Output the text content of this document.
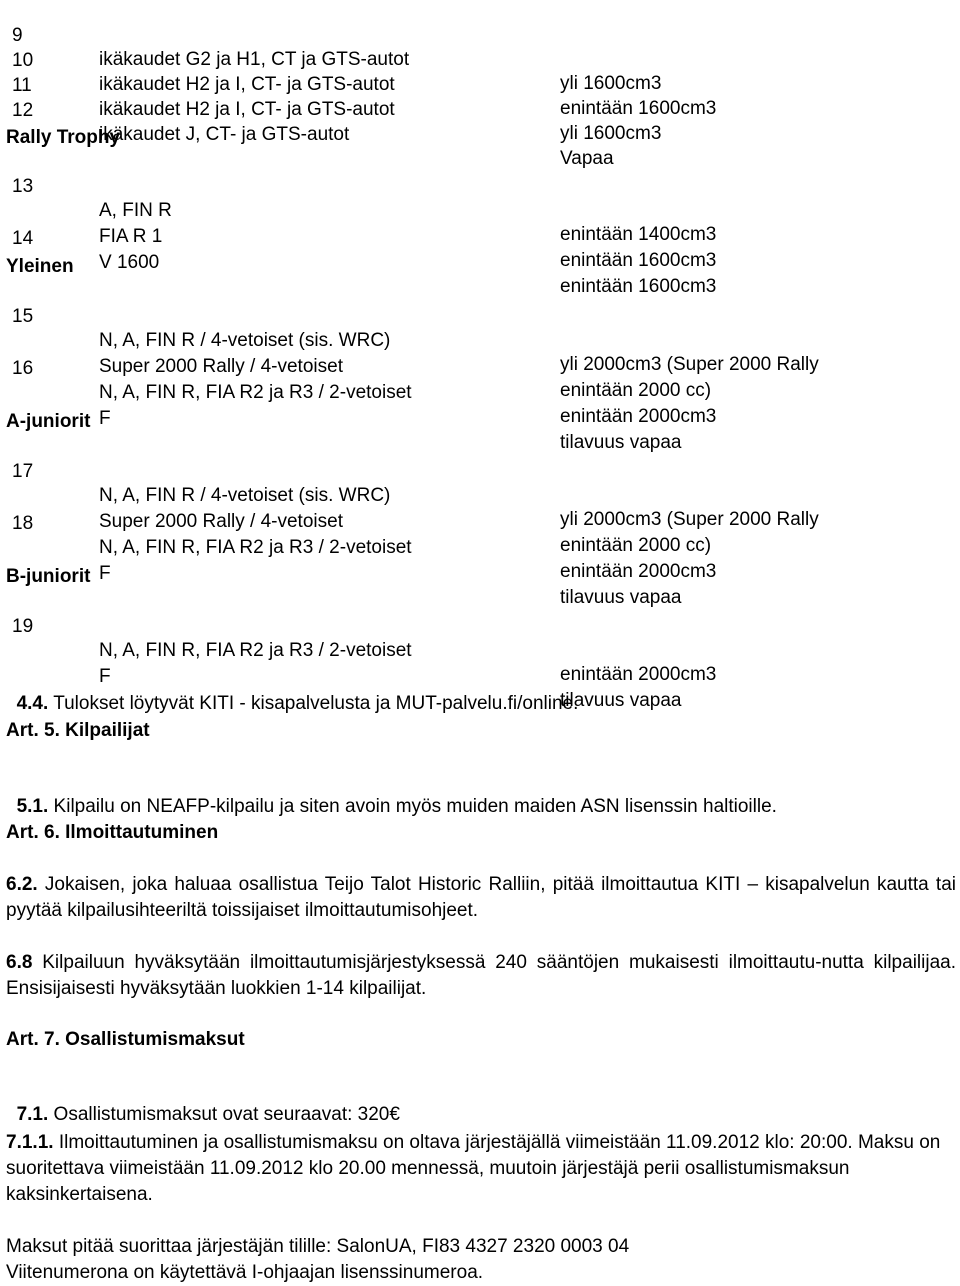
9

ikäkaudet G2 ja H1, CT ja GTS-autot

yli 1600cm3

10

ikäkaudet H2 ja I, CT- ja GTS-autot

enintään 1600cm3

11

ikäkaudet H2 ja I, CT- ja GTS-autot

yli 1600cm3

12

ikäkaudet J, CT- ja GTS-autot

Vapaa

Rally Trophy

13

A, FIN R

enintään 1400cm3

FIA R 1

enintään 1600cm3

14

V 1600

enintään 1600cm3

Yleinen

15

N, A, FIN R / 4-vetoiset (sis. WRC)

yli 2000cm3 (Super 2000 Rally

Super 2000 Rally / 4-vetoiset

enintään 2000 cc)

16

N, A, FIN R, FIA R2 ja R3 / 2-vetoiset

enintään 2000cm3

F

tilavuus vapaa

A-juniorit

17

N, A, FIN R / 4-vetoiset (sis. WRC)

yli 2000cm3 (Super 2000 Rally

Super 2000 Rally / 4-vetoiset

enintään 2000 cc)

18

N, A, FIN R, FIA R2 ja R3 / 2-vetoiset

enintään 2000cm3

F

tilavuus vapaa

B-juniorit

19

N, A, FIN R, FIA R2 ja R3 / 2-vetoiset

enintään 2000cm3

F

tilavuus vapaa

4.4. Tulokset löytyvät KITI - kisapalvelusta ja MUT-palvelu.fi/online.

Art. 5. Kilpailijat

5.1. Kilpailu on NEAFP-kilpailu ja siten avoin myös muiden maiden ASN lisenssin haltioille.

Art. 6. Ilmoittautuminen
6.2. Jokaisen, joka haluaa osallistua Teijo Talot Historic Ralliin, pitää ilmoittautua KITI – kisapalvelun kautta tai pyytää kilpailusihteeriltä toissijaiset ilmoittautumisohjeet.
6.8 Kilpailuun hyväksytään ilmoittautumisjärjestyksessä 240 sääntöjen mukaisesti ilmoittautu-nutta kilpailijaa. Ensisijaisesti hyväksytään luokkien 1-14 kilpailijat.
Art. 7. Osallistumismaksut

7.1. Osallistumismaksut ovat seuraavat: 320€

7.1.1. Ilmoittautuminen ja osallistumismaksu on oltava järjestäjällä viimeistään 11.09.2012 klo: 20:00. Maksu on suoritettava viimeistään 11.09.2012 klo 20.00 mennessä, muutoin järjestäjä perii osallistumismaksun kaksinkertaisena.
Maksut pitää suorittaa järjestäjän tilille: SalonUA, FI83 4327 2320 0003 04
Viitenumerona on käytettävä I-ohjaajan lisenssinumeroa.
